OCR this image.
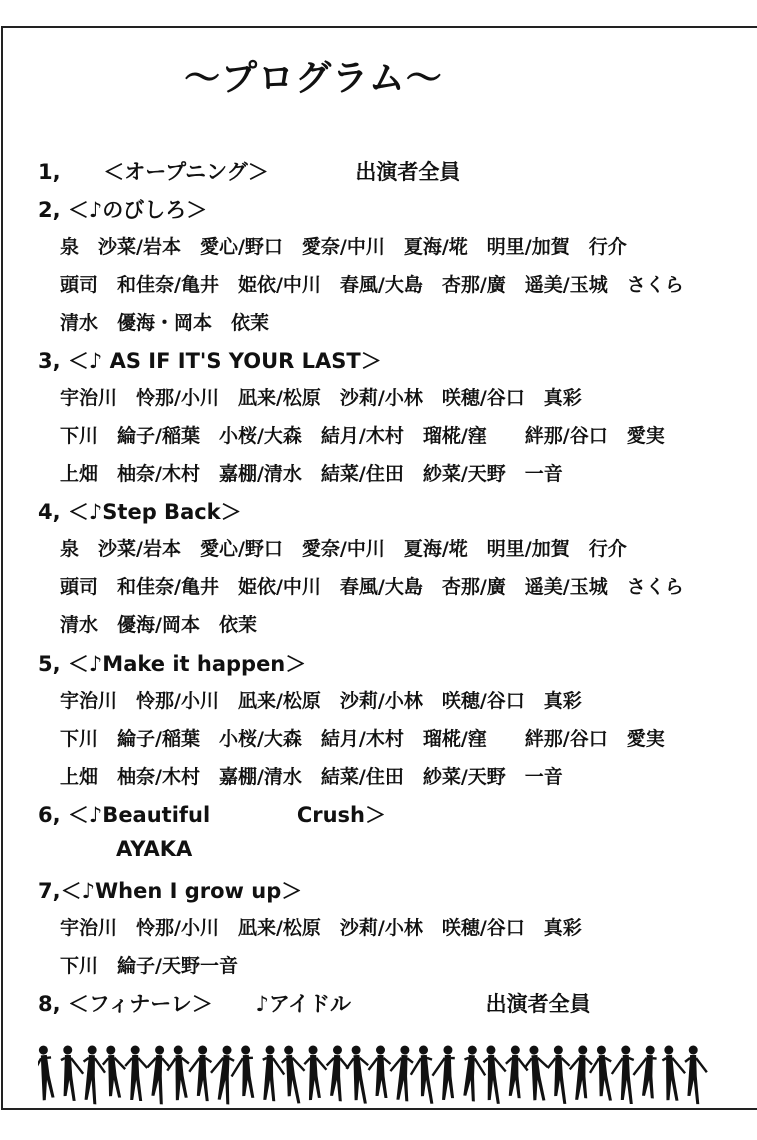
～プログラム～
1, ＜オープニング＞	出演者全員
2, ＜♪のびしろ＞
泉　沙菜/岩本　愛心/野口　愛奈/中川　夏海/埖　明里/加賀　行介
頭司　和佳奈/亀井　姫依/中川　春風/大島　杏那/廣　遥美/玉城　さくら
清水　優海・岡本　依茉
3, ＜♪ AS IF IT'S YOUR LAST＞
宇治川　怜那/小川　凪来/松原　沙莉/小林　咲穂/谷口　真彩
下川　綸子/稲葉　小桜/大森　結月/木村　瑠椛/窪　　絆那/谷口　愛実
上畑　柚奈/木村　嘉棚/清水　結菜/住田　紗菜/天野　一音
4, ＜♪Step Back＞
泉　沙菜/岩本　愛心/野口　愛奈/中川　夏海/埖　明里/加賀　行介
頭司　和佳奈/亀井　姫依/中川　春風/大島　杏那/廣　遥美/玉城　さくら
清水　優海/岡本　依茉
5, ＜♪Make it happen＞
宇治川　怜那/小川　凪来/松原　沙莉/小林　咲穂/谷口　真彩
下川　綸子/稲葉　小桜/大森　結月/木村　瑠椛/窪　　絆那/谷口　愛実
上畑　柚奈/木村　嘉棚/清水　結菜/住田　紗菜/天野　一音
6, ＜♪Beautiful	Crush＞
AYAKA
7,＜♪When I grow up＞
宇治川　怜那/小川　凪来/松原　沙莉/小林　咲穂/谷口　真彩
下川　綸子/天野一音
8, ＜フィナーレ＞ ♪アイドル	出演者全員
